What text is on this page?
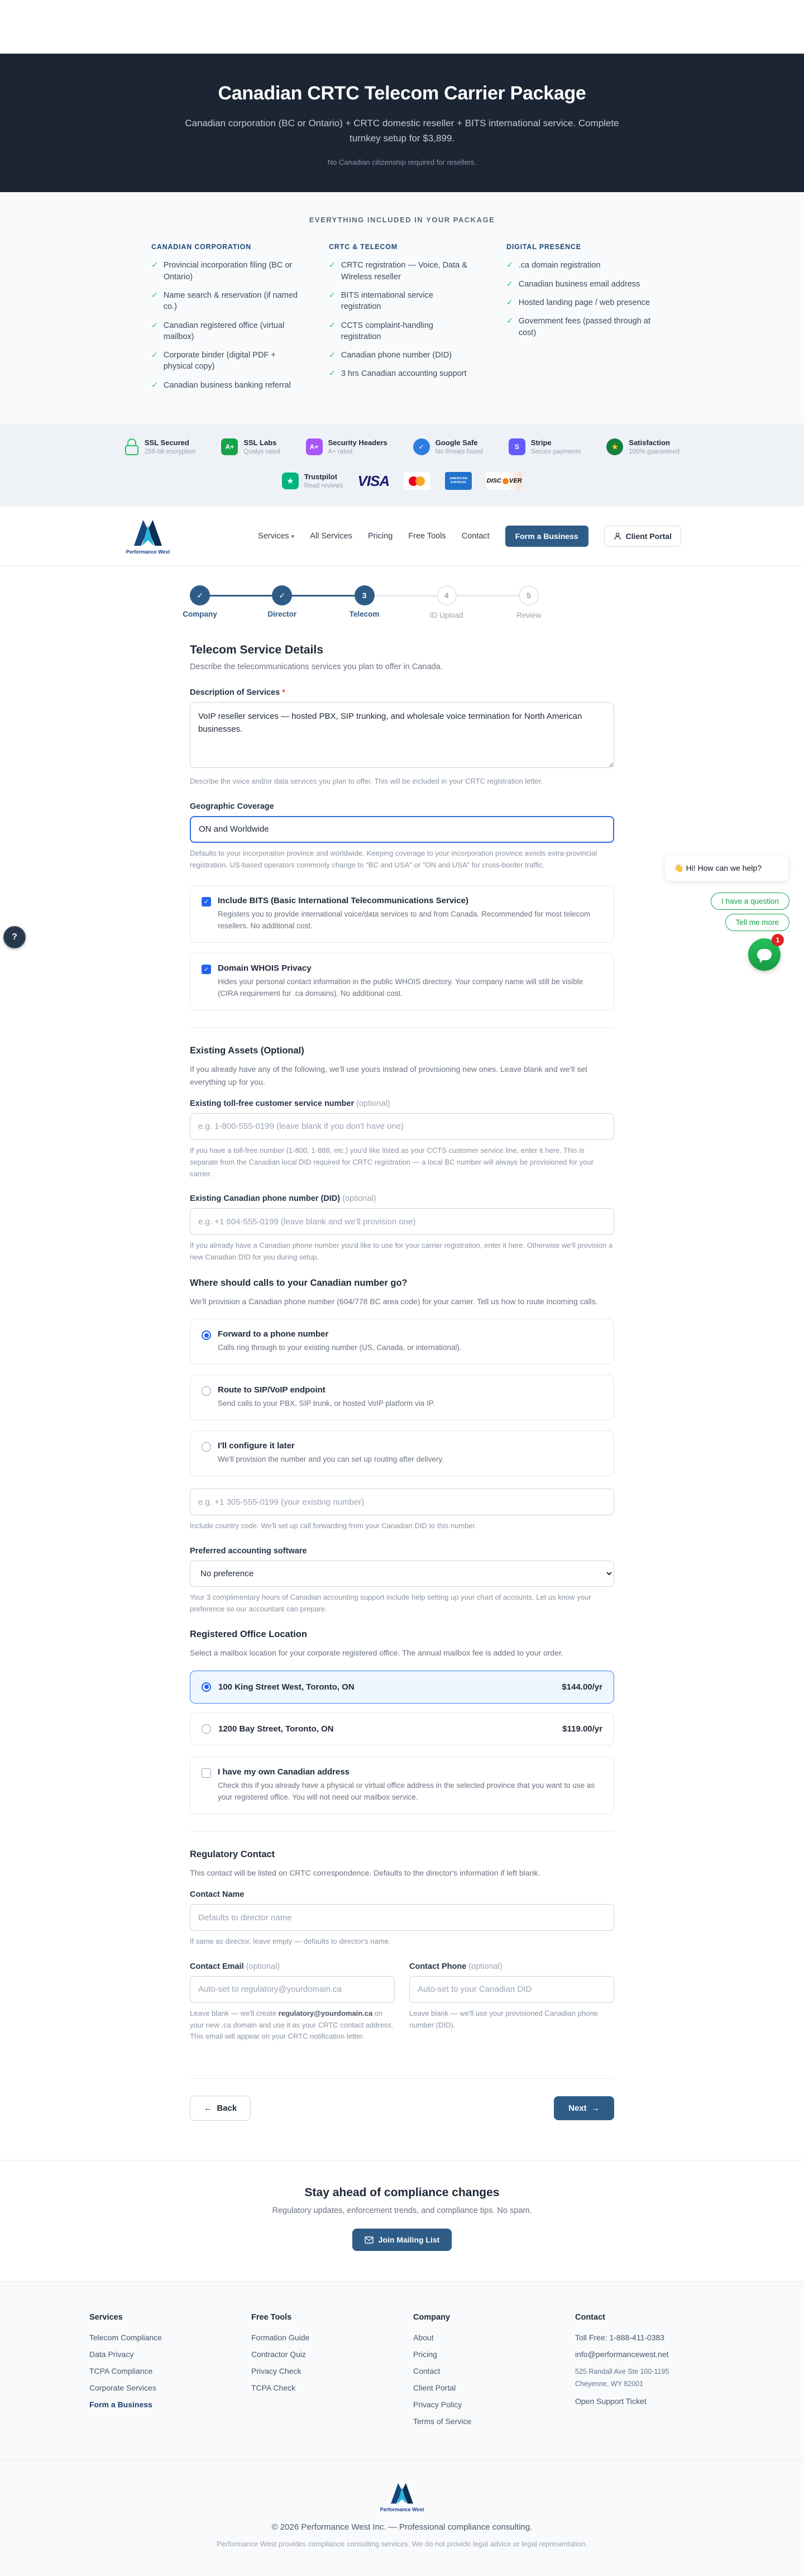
Canadian CRTC Telecom Carrier Package
Canadian corporation (BC or Ontario) + CRTC domestic reseller + BITS international service. Complete turnkey setup for $3,899.
No Canadian citizenship required for resellers.
EVERYTHING INCLUDED IN YOUR PACKAGE
CANADIAN CORPORATION
✓ Provincial incorporation filing (BC or Ontario)
✓ Name search & reservation (if named co.)
✓ Canadian registered office (virtual mailbox)
✓ Corporate binder (digital PDF + physical copy)
✓ Canadian business banking referral
CRTC & TELECOM
✓ CRTC registration — Voice, Data & Wireless reseller
✓ BITS international service registration
✓ CCTS complaint-handling registration
✓ Canadian phone number (DID)
✓ 3 hrs Canadian accounting support
DIGITAL PRESENCE
✓ .ca domain registration
✓ Canadian business email address
✓ Hosted landing page / web presence
✓ Government fees (passed through at cost)
SSL Secured
256-bit encryption
A+	SSL Labs
Qualys rated
A+	Security Headers
A+ rated
✓	Google Safe
No threats found
S	Stripe
Secure payments	★	Satisfaction
100% guaranteed
★	Trustpilot
Read reviews VISA	AMERICAN EXPRESS	DISC VER
Performance West
Services ▾ All Services Pricing Free Tools Contact	Form a Business	Client Portal
✓
Company
✓
Director
3
Telecom
4
ID Upload
5
Review
Telecom Service Details
Describe the telecommunications services you plan to offer in Canada.
Description of Services *
VoIP reseller services — hosted PBX, SIP trunking, and wholesale voice termination for North American businesses.
Describe the voice and/or data services you plan to offer. This will be included in your CRTC registration letter.
Geographic Coverage
ON and Worldwide
Defaults to your incorporation province and worldwide. Keeping coverage to your incorporation province avoids extra-provincial registration. US-based operators commonly change to "BC and USA" or "ON and USA" for cross-border traffic.
✓ Include BITS (Basic International Telecommunications Service)
Registers you to provide international voice/data services to and from Canada. Recommended for most telecom resellers. No additional cost.
✓ Domain WHOIS Privacy
Hides your personal contact information in the public WHOIS directory. Your company name will still be visible (CIRA requirement for .ca domains). No additional cost.
Existing Assets (Optional)

If you already have any of the following, we'll use yours instead of provisioning new ones. Leave blank and we'll set everything up for you.

Existing toll-free customer service number (optional)
e.g. 1-800-555-0199 (leave blank if you don't have one)
If you have a toll-free number (1-800, 1-888, etc.) you'd like listed as your CCTS customer service line, enter it here. This is separate from the Canadian local DID required for CRTC registration — a local BC number will always be provisioned for your carrier.
Existing Canadian phone number (DID) (optional)
e.g. +1 604-555-0199 (leave blank and we'll provision one)
If you already have a Canadian phone number you'd like to use for your carrier registration, enter it here. Otherwise we'll provision a new Canadian DID for you during setup.
Where should calls to your Canadian number go?

We'll provision a Canadian phone number (604/778 BC area code) for your carrier. Tell us how to route incoming calls.

Forward to a phone number
Calls ring through to your existing number (US, Canada, or international).
Route to SIP/VoIP endpoint
Send calls to your PBX, SIP trunk, or hosted VoIP platform via IP.
I'll configure it later
We'll provision the number and you can set up routing after delivery.
e.g. +1 305-555-0199 (your existing number)
Include country code. We'll set up call forwarding from your Canadian DID to this number.
Preferred accounting software
No preference
Your 3 complimentary hours of Canadian accounting support include help setting up your chart of accounts. Let us know your preference so our accountant can prepare.
Registered Office Location

Select a mailbox location for your corporate registered office. The annual mailbox fee is added to your order.

100 King Street West, Toronto, ON	$144.00/yr
1200 Bay Street, Toronto, ON	$119.00/yr
I have my own Canadian address
Check this if you already have a physical or virtual office address in the selected province that you want to use as your registered office. You will not need our mailbox service.
Regulatory Contact

This contact will be listed on CRTC correspondence. Defaults to the director's information if left blank.

Contact Name
Defaults to director name
If same as director, leave empty — defaults to director's name.
Contact Email (optional)
Auto-set to regulatory@yourdomain.ca
Leave blank — we'll create regulatory@yourdomain.ca on your new .ca domain and use it as your CRTC contact address. This email will appear on your CRTC notification letter.
Contact Phone (optional)
Auto-set to your Canadian DID
Leave blank — we'll use your provisioned Canadian phone number (DID).
← Back	Next →
Stay ahead of compliance changes

Regulatory updates, enforcement trends, and compliance tips. No spam.

Join Mailing List
Services
Telecom Compliance
Data Privacy
TCPA Compliance
Corporate Services
Form a Business
Free Tools
Formation Guide
Contractor Quiz
Privacy Check
TCPA Check
Company
About
Pricing
Contact
Client Portal
Privacy Policy
Terms of Service
Contact
Toll Free: 1-888-411-0383
info@performancewest.net
525 Randall Ave Ste 100-1195
Cheyenne, WY 82001
Open Support Ticket
Performance West
© 2026 Performance West Inc. — Professional compliance consulting.
Performance West provides compliance consulting services. We do not provide legal advice or legal representation.
?
👋 Hi! How can we help?
I have a question
Tell me more
1
